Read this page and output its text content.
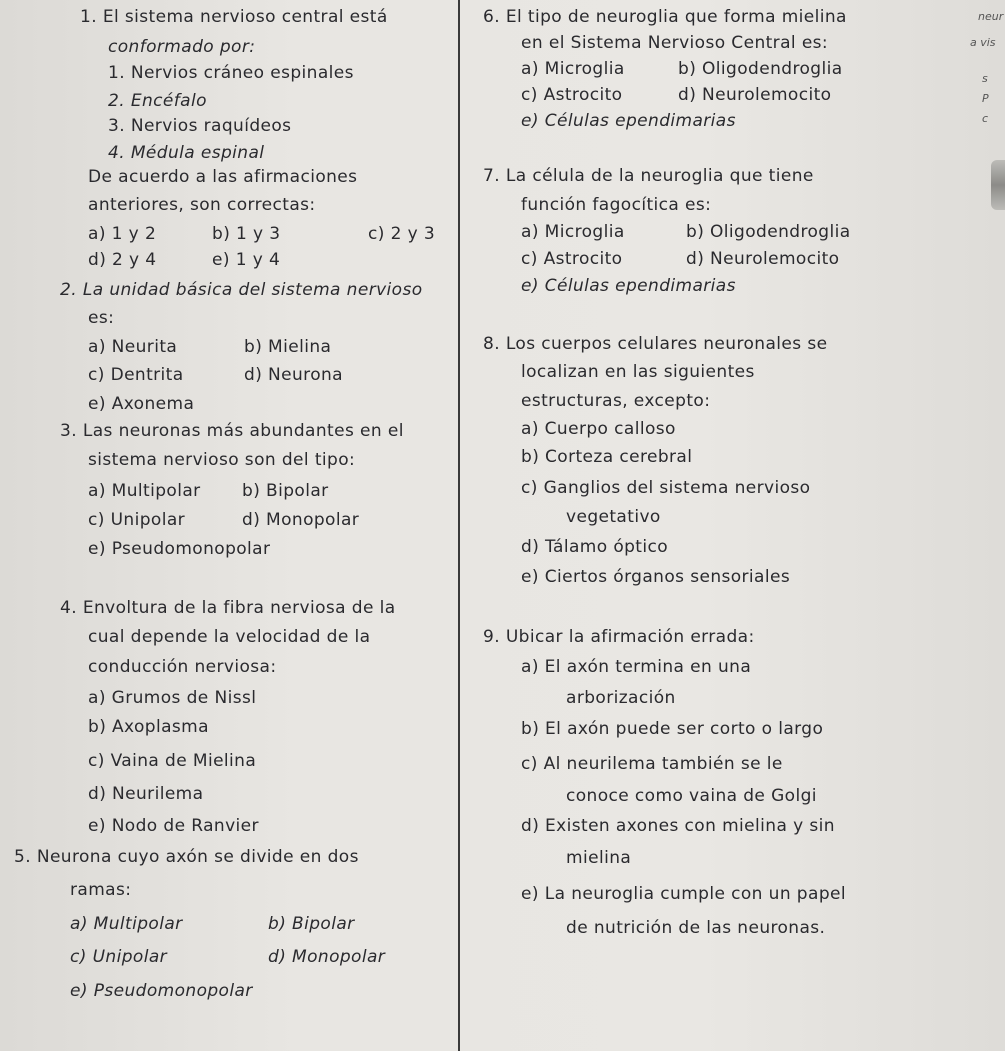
1. El sistema nervioso central está
conformado por:
1. Nervios cráneo espinales
2. Encéfalo
3. Nervios raquídeos
4. Médula espinal
De acuerdo a las afirmaciones
anteriores, son correctas:
a) 1 y 2	b) 1 y 3	c) 2 y 3
d) 2 y 4	e) 1 y 4
2. La unidad básica del sistema nervioso
es:
a) Neurita	b) Mielina
c) Dentrita	d) Neurona
e) Axonema
3. Las neuronas más abundantes en el
sistema nervioso son del tipo:
a) Multipolar b) Bipolar
c) Unipolar	d) Monopolar
e) Pseudomonopolar
4. Envoltura de la fibra nerviosa de la
cual depende la velocidad de la
conducción nerviosa:
a) Grumos de Nissl
b) Axoplasma
c) Vaina de Mielina
d) Neurilema
e) Nodo de Ranvier
5. Neurona cuyo axón se divide en dos
ramas:
a) Multipolar	b) Bipolar
c) Unipolar	d) Monopolar
e) Pseudomonopolar
6. El tipo de neuroglia que forma mielina
en el Sistema Nervioso Central es:
a) Microglia	b) Oligodendroglia
c) Astrocito	d) Neurolemocito
e) Células ependimarias
7. La célula de la neuroglia que tiene
función fagocítica es:
a) Microglia	b) Oligodendroglia
c) Astrocito	d) Neurolemocito
e) Células ependimarias
8. Los cuerpos celulares neuronales se
localizan en las siguientes
estructuras, excepto:
a) Cuerpo calloso
b) Corteza cerebral
c) Ganglios del sistema nervioso
vegetativo
d) Tálamo óptico
e) Ciertos órganos sensoriales
9. Ubicar la afirmación errada:
a) El axón termina en una
arborización
b) El axón puede ser corto o largo
c) Al neurilema también se le
conoce como vaina de Golgi
d) Existen axones con mielina y sin
mielina
e) La neuroglia cumple con un papel
de nutrición de las neuronas.
neur
a vis
s
P
c
